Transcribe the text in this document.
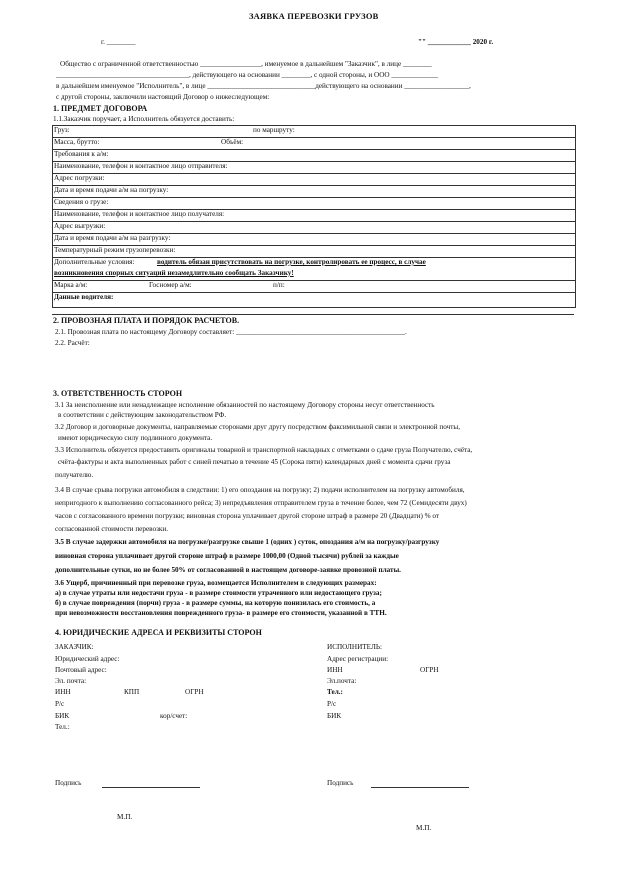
ЗАЯВКА ПЕРЕВОЗКИ ГРУЗОВ
г. ________	"" ____________ 2020 г.
Общество с ограниченной ответственностью _________________, именуемое в дальнейшем "Заказчик", в лице ________
_____________________________________, действующего на основании ________, с одной стороны, и ООО _____________
в дальнейшем именуемое "Исполнитель", в лице ______________________________действующего на основании __________________,
с другой стороны, заключили настоящий Договор о нижеследующем:
1. ПРЕДМЕТ ДОГОВОРА
1.1.Заказчик поручает, а Исполнитель обязуется доставить:
Груз:	по маршруту:
Масса, брутто:	Объём:
Требования к а/м:
Наименование, телефон и контактное лицо отправителя:
Адрес погрузки:
Дата и время подачи а/м на погрузку:
Сведения о грузе:
Наименование, телефон и контактное лицо получателя:
Адрес выгрузки:
Дата и время подачи а/м на разгрузку:
Температурный режим грузоперевозки:
Дополнительные условия:	водитель обязан присутствовать на погрузке, контролировать ее процесс, в случае
возникновения спорных ситуаций незамедлительно сообщать Заказчику!
Марка а/м:	Госномер а/м:	п/п:
Данные водителя:
2. ПРОВОЗНАЯ ПЛАТА И ПОРЯДОК РАСЧЕТОВ.
2.1. Провозная плата по настоящему Договору составляет: _______________________________________________.
2.2. Расчёт:
3. ОТВЕТСТВЕННОСТЬ СТОРОН
3.1 За неисполнение или ненадлежащее исполнение обязанностей по настоящему Договору стороны несут ответственность
в соответствии с действующим законодательством РФ.
3.2 Договор и договорные документы, направляемые сторонами друг другу посредством факсимильной связи и электронной почты,
имеют юридическую силу подлинного документа.
3.3 Исполнитель обязуется предоставить оригиналы товарной и транспортной накладных с отметками о сдаче груза Получателю, счёта,
счёта-фактуры и акта выполненных работ с синей печатью в течение 45 (Сорока пяти) календарных дней с момента сдачи груза
получателю.
3.4 В случае срыва погрузки автомобиля в следствии: 1) его опоздания на погрузку; 2) подачи исполнителем на погрузку автомобиля,
непригодного к выполнению согласованного рейса; 3) непредъявления отправителем груза в течение более, чем 72 (Семидесяти двух)
часов с согласованного времени погрузки; виновная сторона уплачивает другой стороне штраф в размере 20 (Двадцати) % от
согласованной стоимости перевозки.
3.5 В случае задержки автомобиля на погрузке/разгрузке свыше 1 (одних ) суток, опоздания а/м на погрузку/разгрузку
виновная сторона уплачивает другой стороне штраф в размере 1000,00 (Одной тысячи) рублей за каждые
дополнительные сутки, но не более 50% от согласованной в настоящем договоре-заявке провозной платы.
3.6 Ущерб, причиненный при перевозке груза, возмещается Исполнителем в следующих размерах:
а) в случае утраты или недостачи груза - в размере стоимости утраченного или недостающего груза;
б) в случае повреждения (порчи) груза - в размере суммы, на которую понизилась его стоимость, а
при невозможности восстановления поврежденного груза- в размере его стоимости, указанной в ТТН.
4. ЮРИДИЧЕСКИЕ АДРЕСА И РЕКВИЗИТЫ СТОРОН
ЗАКАЗЧИК:
Юридический адрес:
Почтовый адрес:
Эл. почта:
ИНН	КПП	ОГРН
Р/с
БИК	кор/счет:
Тел.:
Подпись
М.П.
ИСПОЛНИТЕЛЬ:
Адрес регистрации:
ИНН	ОГРН
Эл.почта:
Тел.:
Р/с
БИК
Подпись
М.П.
